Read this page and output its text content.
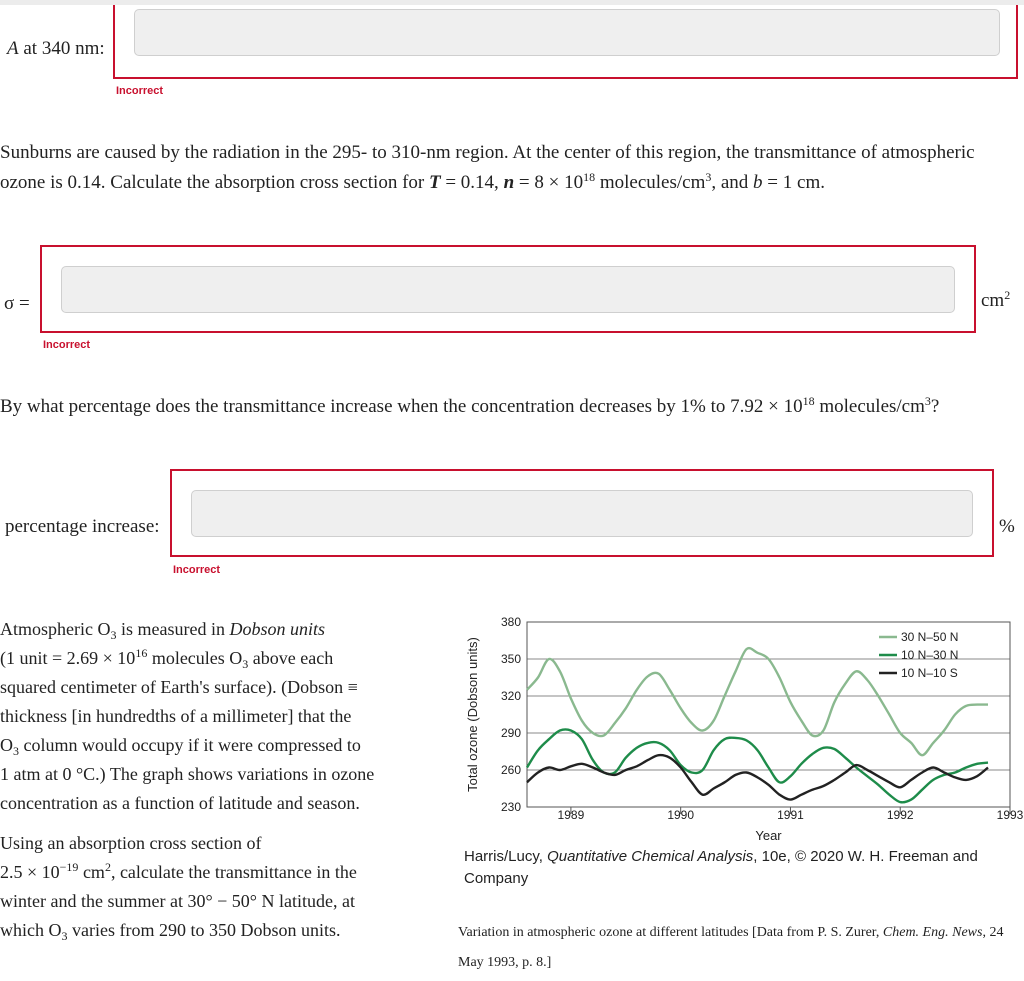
A at 340 nm:
Incorrect
Sunburns are caused by the radiation in the 295- to 310-nm region. At the center of this region, the transmittance of atmospheric ozone is 0.14. Calculate the absorption cross section for T = 0.14, $n = 8 \times 10^{18}$ molecules/$cm^3$, and b = 1 cm.
σ =	$cm^2$
Incorrect
By what percentage does the transmittance increase when the concentration decreases by 1% to $7.92 \times 10^{18}$ molecules/$cm^3$?
percentage increase:	%
Incorrect
Atmospheric $O_3$ is measured in Dobson units
(1 unit = $2.69 \times 10^{16}$ molecules $O_3$ above each
squared centimeter of Earth's surface). (Dobson ≡
thickness [in hundredths of a millimeter] that the
$O_3$ column would occupy if it were compressed to
1 atm at 0 °C.) The graph shows variations in ozone
concentration as a function of latitude and season.
Using an absorption cross section of
$2.5 \times 10^{-19}$ $cm^2$, calculate the transmittance in the
winter and the summer at 30° − 50° N latitude, at
which $O_3$ varies from 290 to 350 Dobson units.
230
260
290
320
350
380
1989	1990	1991	1992	1993
Year
Total ozone (Dobson units)
30 N–50 N
10 N–30 N
10 N–10 S
Harris/Lucy, Quantitative Chemical Analysis, 10e, © 2020 W. H. Freeman and Company
Variation in atmospheric ozone at different latitudes [Data from P. S. Zurer, Chem. Eng. News, 24 May 1993, p. 8.]
